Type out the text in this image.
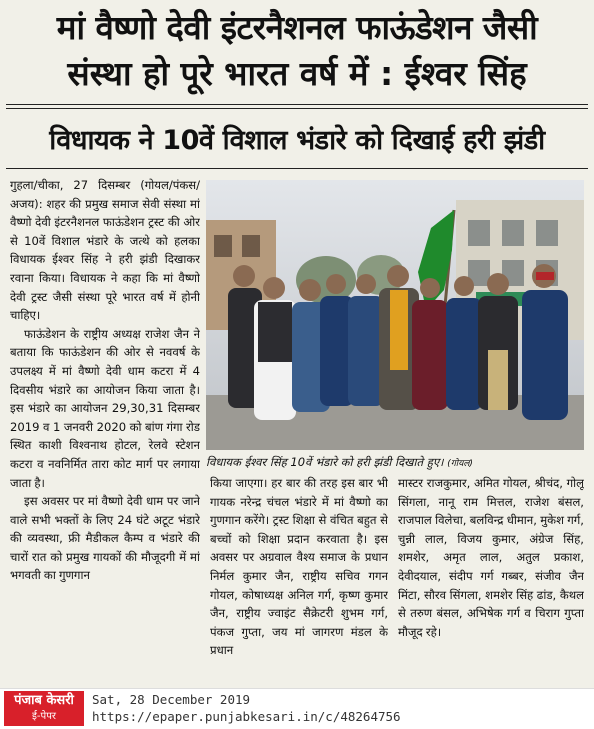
मां वैष्णो देवी इंटरनैशनल फाऊंडेशन जैसी
संस्था हो पूरे भारत वर्ष में : ईश्वर सिंह
विधायक ने 10वें विशाल भंडारे को दिखाई हरी झंडी

गुहला/चीका, 27 दिसम्बर (गोयल/पंकस/अजय): शहर की प्रमुख समाज सेवी संस्था मां वैष्णो देवी इंटरनैशनल फाऊंडेशन ट्रस्ट की ओर से 10वें विशाल भंडारे के जत्थे को हलका विधायक ईश्वर सिंह ने हरी झंडी दिखाकर रवाना किया। विधायक ने कहा कि मां वैष्णो देवी ट्रस्ट जैसी संस्था पूरे भारत वर्ष में होनी चाहिए।

फाऊंडेशन के राष्ट्रीय अध्यक्ष राजेश जैन ने बताया कि फाऊंडेशन की ओर से नववर्ष के उपलक्ष्य में मां वैष्णो देवी धाम कटरा में 4 दिवसीय भंडारे का आयोजन किया जाता है। इस भंडारे का आयोजन 29,30,31 दिसम्बर 2019 व 1 जनवरी 2020 को बांण गंगा रोड स्थित काशी विश्वनाथ होटल, रेलवे स्टेशन कटरा व नवनिर्मित तारा कोट मार्ग पर लगाया जाता है।

इस अवसर पर मां वैष्णो देवी धाम पर जाने वाले सभी भक्तों के लिए 24 घंटे अटूट भंडारे की व्यवस्था, फ्री मैडीकल कैम्प व भंडारे की चारों रात को प्रमुख गायकों की मौजूदगी में मां भगवती का गुणगान

विधायक ईश्वर सिंह 10वें भंडारे को हरी झंडी दिखाते हुए। (गोयल)

किया जाएगा। हर बार की तरह इस बार भी गायक नरेन्द्र चंचल भंडारे में मां वैष्णो का गुणगान करेंगे। ट्रस्ट शिक्षा से वंचित बहुत से बच्चों को शिक्षा प्रदान करवाता है। इस अवसर पर अग्रवाल वैश्य समाज के प्रधान निर्मल कुमार जैन, राष्ट्रीय सचिव गगन गोयल, कोषाध्यक्ष अनिल गर्ग, कृष्ण कुमार जैन, राष्ट्रीय ज्वाइंट सैक्रेटरी शुभम गर्ग, पंकज गुप्ता, जय मां जागरण मंडल के प्रधान

मास्टर राजकुमार, अमित गोयल, श्रीचंद, गोलू सिंगला, नानू राम मित्तल, राजेश बंसल, राजपाल विलेचा, बलविन्द्र धीमान, मुकेश गर्ग, चुन्नी लाल, विजय कुमार, अंग्रेज सिंह, शमशेर, अमृत लाल, अतुल प्रकाश, देवीदयाल, संदीप गर्ग गब्बर, संजीव जैन मिंटा, सौरव सिंगला, शमशेर सिंह ढांड, कैथल से तरुण बंसल, अभिषेक गर्ग व चिराग गुप्ता मौजूद रहे।

पंजाब केसरी
ई-पेपर
Sat, 28 December 2019
https://epaper.punjabkesari.in/c/48264756
